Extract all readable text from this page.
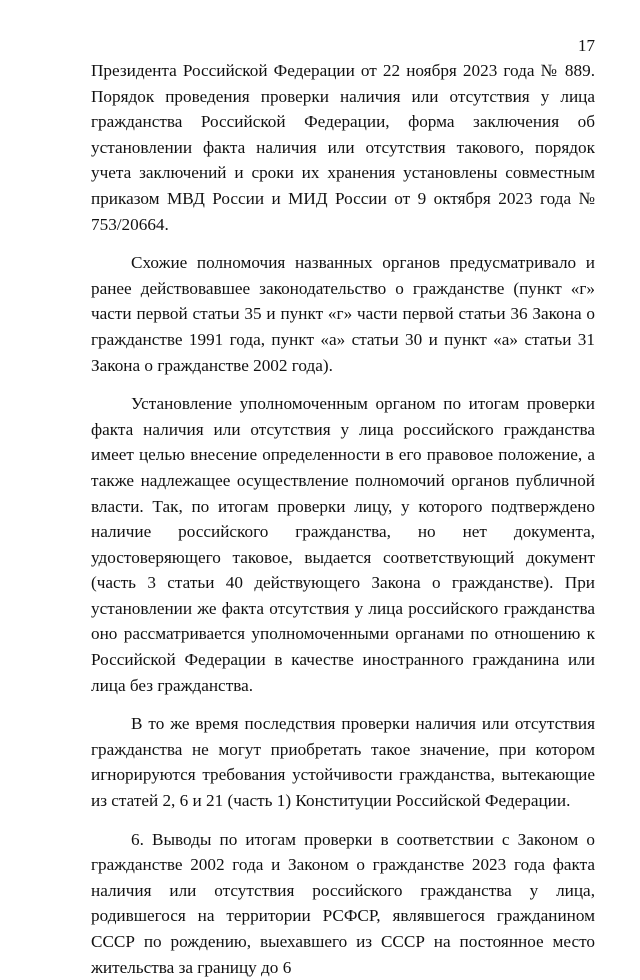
17

Президента Российской Федерации от 22 ноября 2023 года № 889. Порядок проведения проверки наличия или отсутствия у лица гражданства Российской Федерации, форма заключения об установлении факта наличия или отсутствия такового, порядок учета заключений и сроки их хранения установлены совместным приказом МВД России и МИД России от 9 октября 2023 года № 753/20664.

Схожие полномочия названных органов предусматривало и ранее действовавшее законодательство о гражданстве (пункт «г» части первой статьи 35 и пункт «г» части первой статьи 36 Закона о гражданстве 1991 года, пункт «а» статьи 30 и пункт «а» статьи 31 Закона о гражданстве 2002 года).

Установление уполномоченным органом по итогам проверки факта наличия или отсутствия у лица российского гражданства имеет целью внесение определенности в его правовое положение, а также надлежащее осуществление полномочий органов публичной власти. Так, по итогам проверки лицу, у которого подтверждено наличие российского гражданства, но нет документа, удостоверяющего таковое, выдается соответствующий документ (часть 3 статьи 40 действующего Закона о гражданстве). При установлении же факта отсутствия у лица российского гражданства оно рассматривается уполномоченными органами по отношению к Российской Федерации в качестве иностранного гражданина или лица без гражданства.

В то же время последствия проверки наличия или отсутствия гражданства не могут приобретать такое значение, при котором игнорируются требования устойчивости гражданства, вытекающие из статей 2, 6 и 21 (часть 1) Конституции Российской Федерации.

6. Выводы по итогам проверки в соответствии с Законом о гражданстве 2002 года и Законом о гражданстве 2023 года факта наличия или отсутствия российского гражданства у лица, родившегося на территории РСФСР, являвшегося гражданином СССР по рождению, выехавшего из СССР на постоянное место жительства за границу до 6
